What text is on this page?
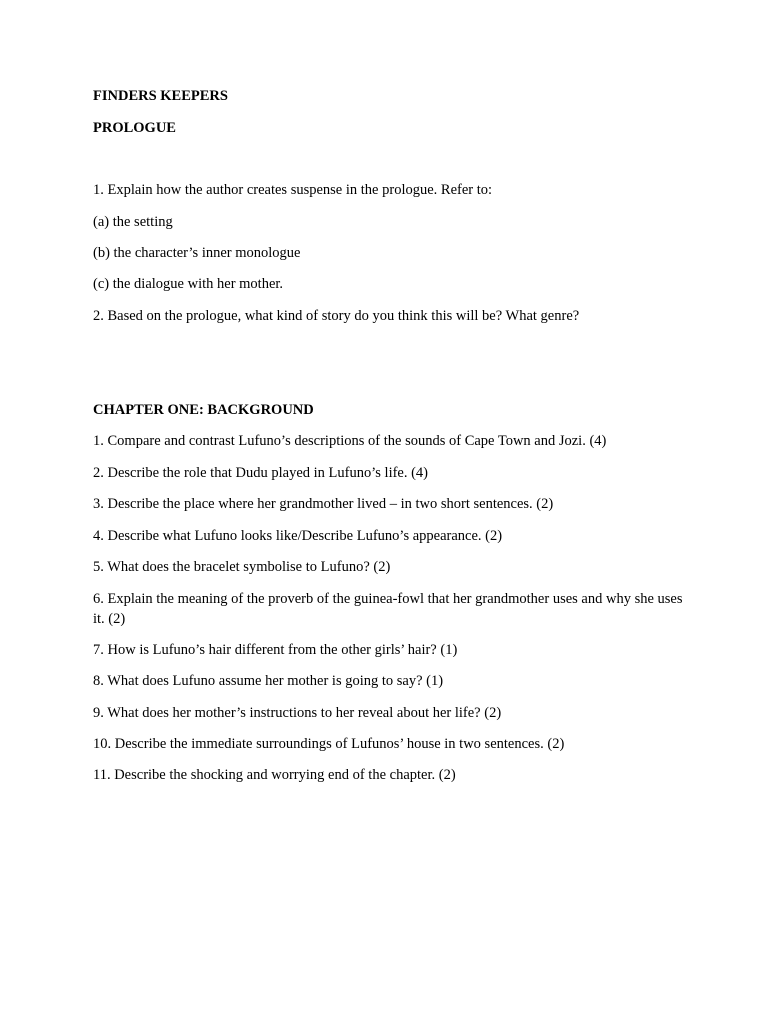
FINDERS KEEPERS
PROLOGUE
1. Explain how the author creates suspense in the prologue. Refer to:
(a) the setting
(b) the character’s inner monologue
(c) the dialogue with her mother.
2. Based on the prologue, what kind of story do you think this will be? What genre?
CHAPTER ONE: BACKGROUND
1. Compare and contrast Lufuno’s descriptions of the sounds of Cape Town and Jozi. (4)
2. Describe the role that Dudu played in Lufuno’s life. (4)
3. Describe the place where her grandmother lived – in two short sentences. (2)
4. Describe what Lufuno looks like/Describe Lufuno’s appearance. (2)
5. What does the bracelet symbolise to Lufuno? (2)
6. Explain the meaning of the proverb of the guinea-fowl that her grandmother uses and why she uses it. (2)
7. How is Lufuno’s hair different from the other girls’ hair? (1)
8. What does Lufuno assume her mother is going to say? (1)
9. What does her mother’s instructions to her reveal about her life? (2)
10. Describe the immediate surroundings of Lufunos’ house in two sentences. (2)
11. Describe the shocking and worrying end of the chapter. (2)
